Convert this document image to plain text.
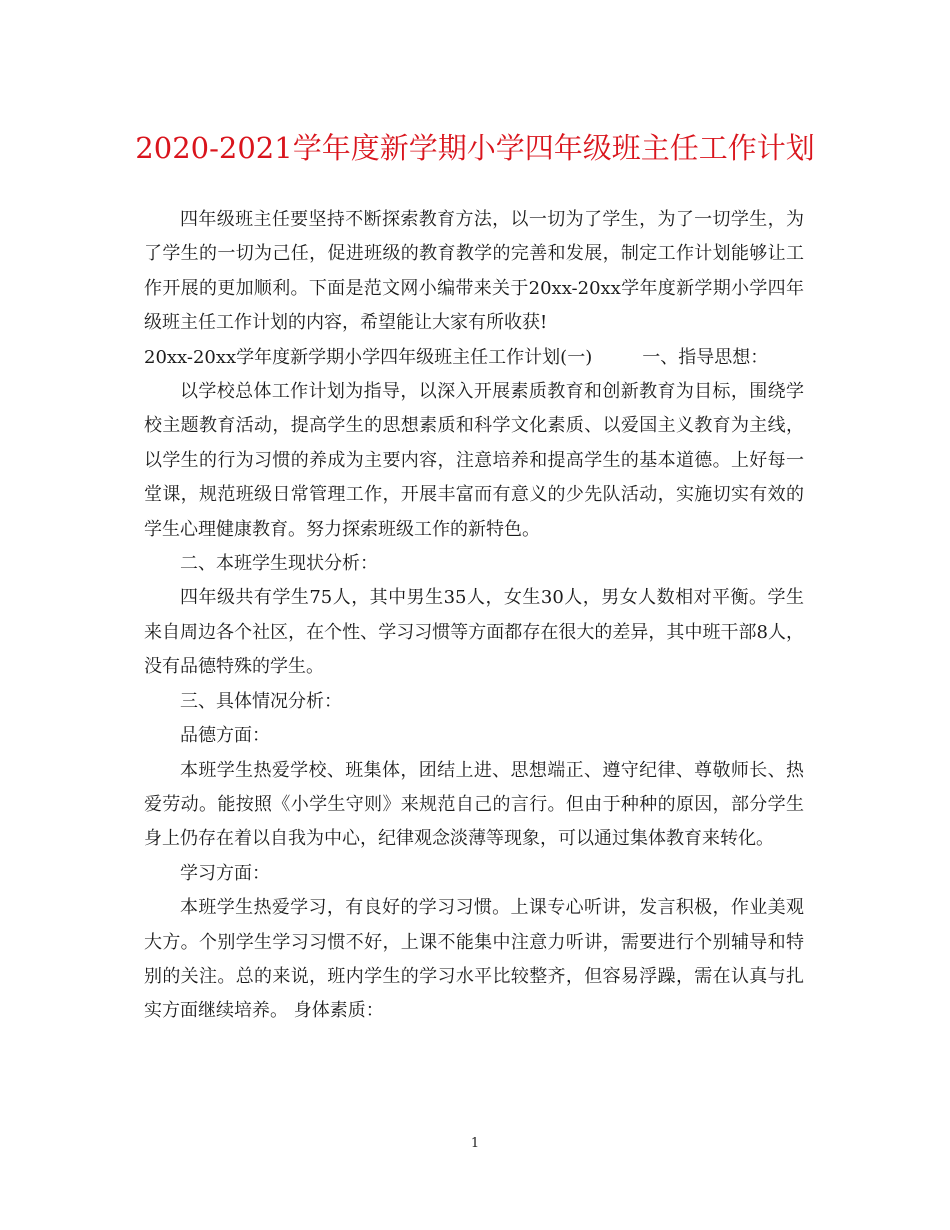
2020-2021学年度新学期小学四年级班主任工作计划

四年级班主任要坚持不断探索教育方法，以一切为了学生，为了一切学生，为了学生的一切为己任，促进班级的教育教学的完善和发展，制定工作计划能够让工作开展的更加顺利。下面是范文网小编带来关于20xx-20xx学年度新学期小学四年级班主任工作计划的内容，希望能让大家有所收获!

20xx-20xx学年度新学期小学四年级班主任工作计划(一)	一、指导思想：

以学校总体工作计划为指导，以深入开展素质教育和创新教育为目标，围绕学校主题教育活动，提高学生的思想素质和科学文化素质、以爱国主义教育为主线，以学生的行为习惯的养成为主要内容，注意培养和提高学生的基本道德。上好每一堂课，规范班级日常管理工作，开展丰富而有意义的少先队活动，实施切实有效的学生心理健康教育。努力探索班级工作的新特色。

二、本班学生现状分析：

四年级共有学生75人，其中男生35人，女生30人，男女人数相对平衡。学生来自周边各个社区，在个性、学习习惯等方面都存在很大的差异，其中班干部8人，没有品德特殊的学生。

三、具体情况分析：

品德方面：

本班学生热爱学校、班集体，团结上进、思想端正、遵守纪律、尊敬师长、热爱劳动。能按照《小学生守则》来规范自己的言行。但由于种种的原因，部分学生身上仍存在着以自我为中心，纪律观念淡薄等现象，可以通过集体教育来转化。

学习方面：

本班学生热爱学习，有良好的学习习惯。上课专心听讲，发言积极，作业美观大方。个别学生学习习惯不好，上课不能集中注意力听讲，需要进行个别辅导和特别的关注。总的来说，班内学生的学习水平比较整齐，但容易浮躁，需在认真与扎实方面继续培养。 身体素质：

1
